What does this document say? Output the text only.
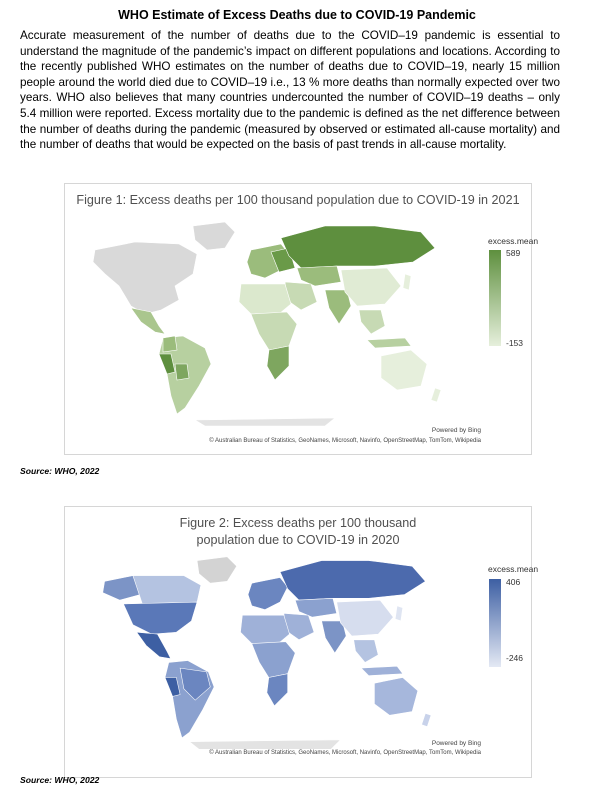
WHO Estimate of Excess Deaths due to COVID-19 Pandemic

Accurate measurement of the number of deaths due to the COVID–19 pandemic is essential to understand the magnitude of the pandemic’s impact on different populations and locations. According to the recently published WHO estimates on the number of deaths due to COVID–19, nearly 15 million people around the world died due to COVID–19 i.e., 13 % more deaths than normally expected over two years. WHO also believes that many countries undercounted the number of COVID–19 deaths – only 5.4 million were reported. Excess mortality due to the pandemic is defined as the net difference between the number of deaths during the pandemic (measured by observed or estimated all-cause mortality) and the number of deaths that would be expected on the basis of past trends in all-cause mortality.

Figure 1: Excess deaths per 100 thousand population due to COVID-19 in 2021
excess.mean
589
-153
Powered by Bing
© Australian Bureau of Statistics, GeoNames, Microsoft, Navinfo, OpenStreetMap, TomTom, Wikipedia
Source: WHO, 2022
Figure 2: Excess deaths per 100 thousand
population due to COVID-19 in 2020
excess.mean
406
-246
Powered by Bing
© Australian Bureau of Statistics, GeoNames, Microsoft, Navinfo, OpenStreetMap, TomTom, Wikipedia
Source: WHO, 2022
